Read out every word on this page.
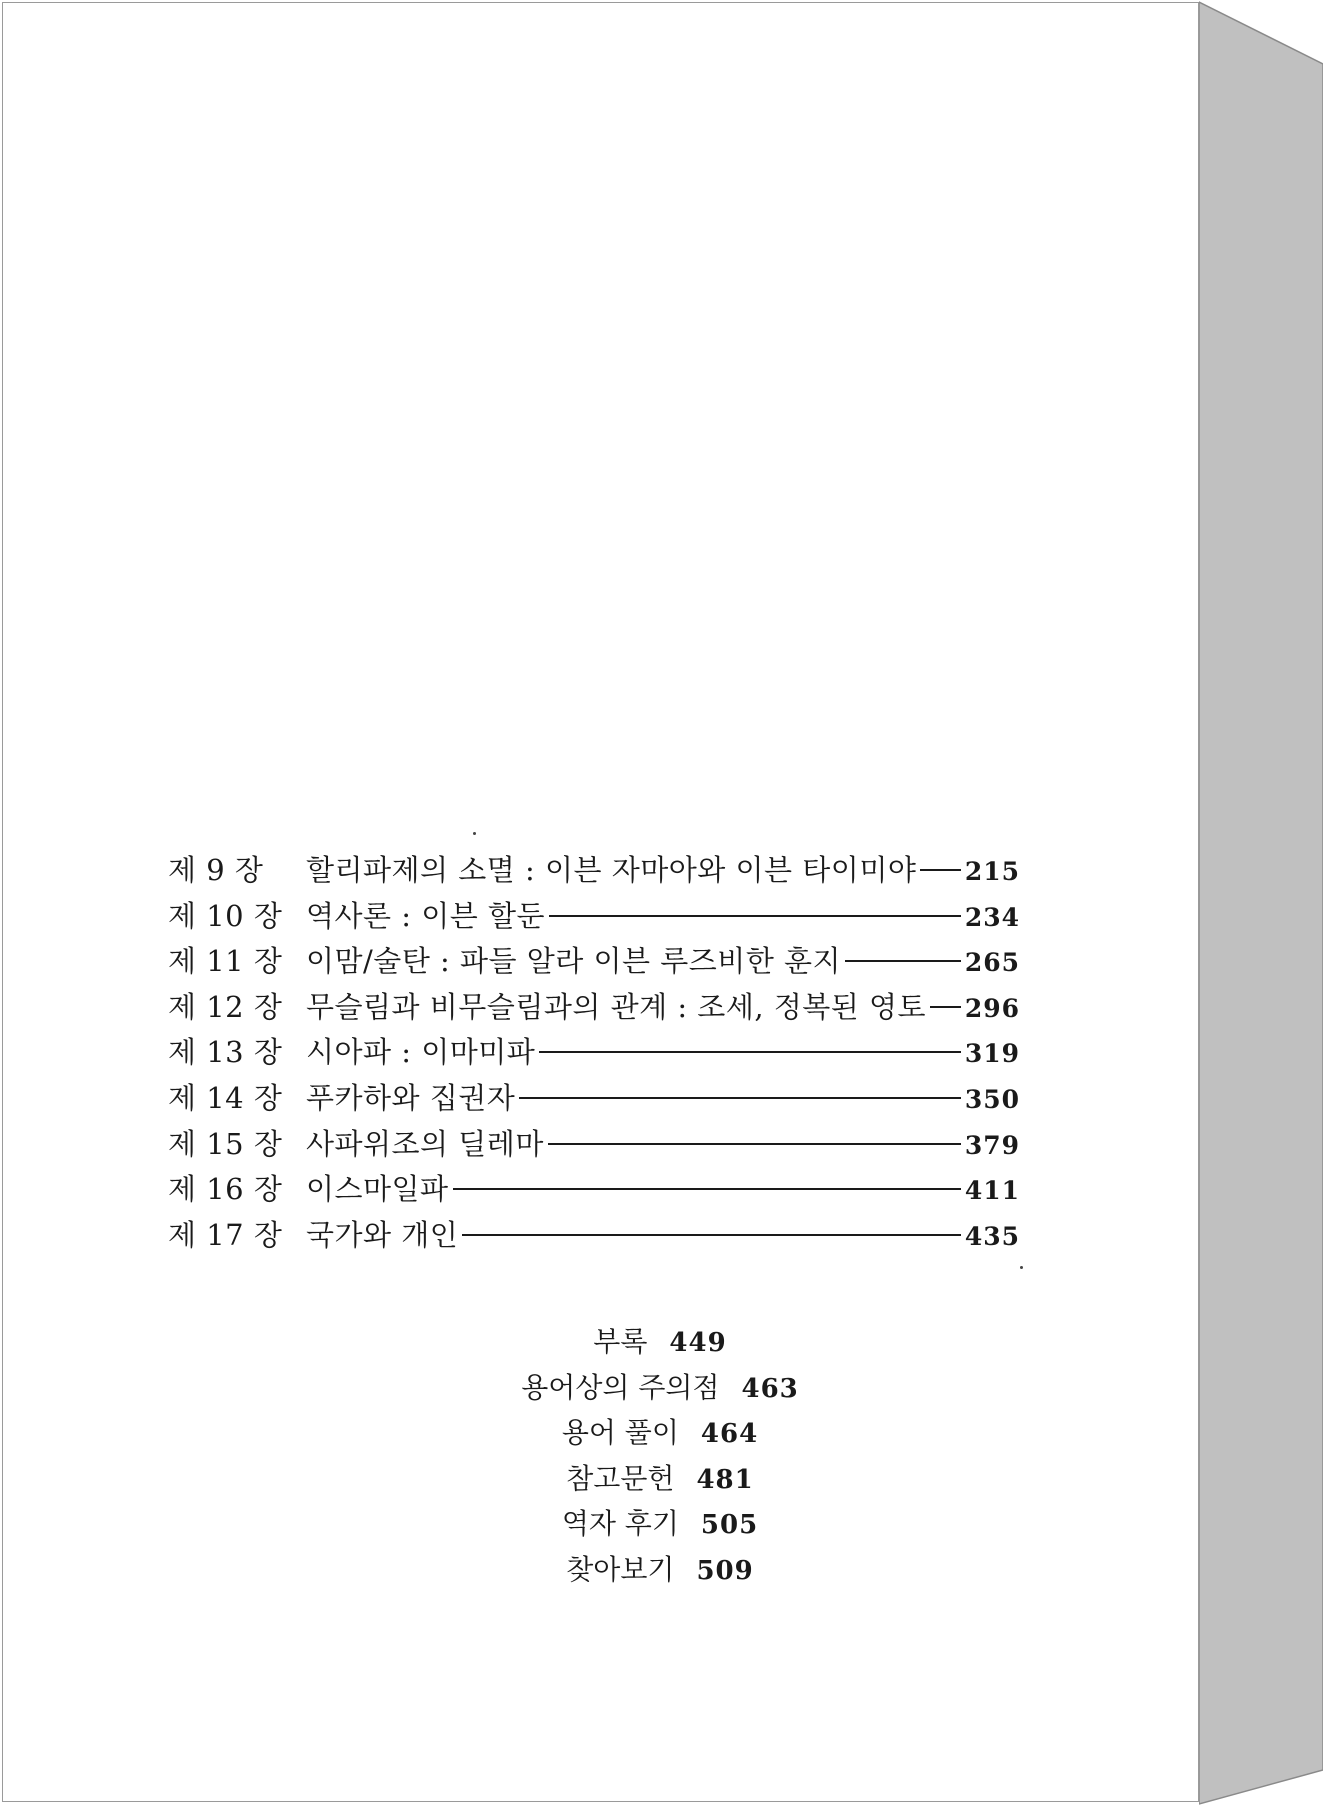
제 9 장	할리파제의 소멸 : 이븐 자마아와 이븐 타이미야 215
제 10 장 역사론 : 이븐 할둔	234
제 11 장 이맘/술탄 : 파들 알라 이븐 루즈비한 훈지	265
제 12 장 무슬림과 비무슬림과의 관계 : 조세, 정복된 영토 296
제 13 장 시아파 : 이마미파	319
제 14 장 푸카하와 집권자	350
제 15 장 사파위조의 딜레마	379
제 16 장 이스마일파	411
제 17 장 국가와 개인	435
부록 449
용어상의 주의점 463
용어 풀이 464
참고문헌 481
역자 후기 505
찾아보기 509
